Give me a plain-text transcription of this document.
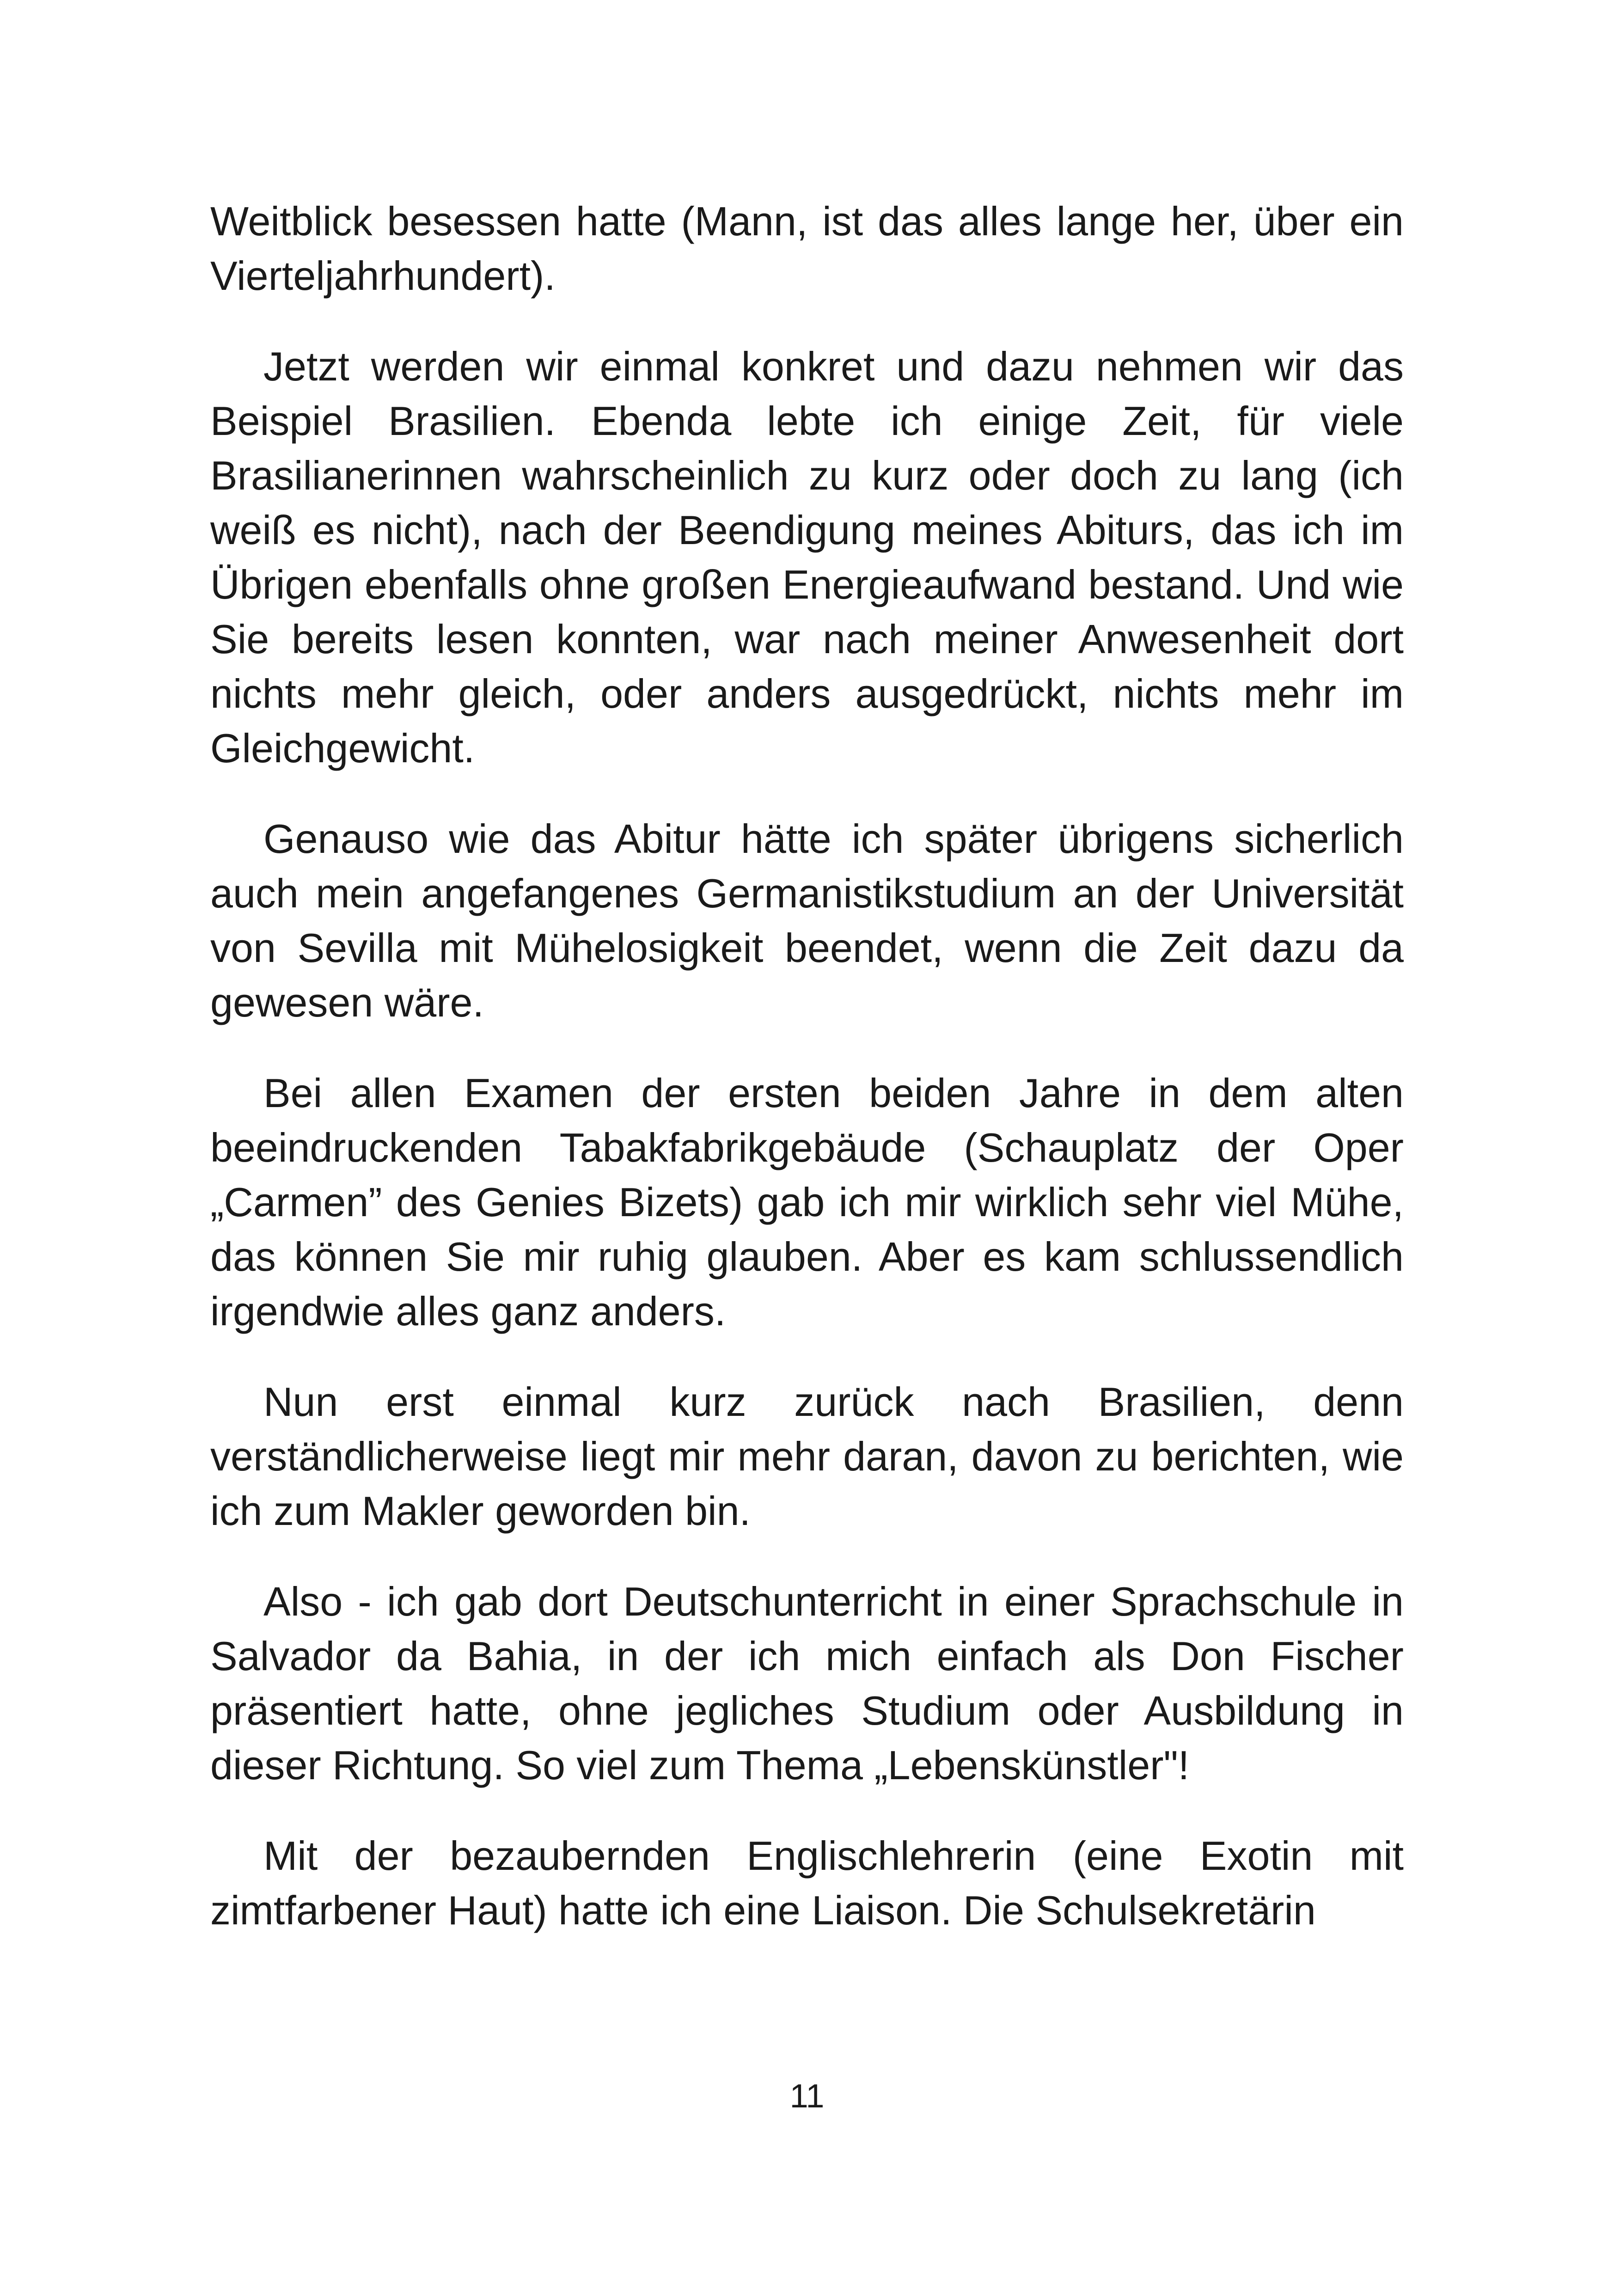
Weitblick besessen hatte (Mann, ist das alles lange her, über ein Vierteljahrhundert).

Jetzt werden wir einmal konkret und dazu nehmen wir das Beispiel Brasilien. Ebenda lebte ich einige Zeit, für viele Brasilianerinnen wahrscheinlich zu kurz oder doch zu lang (ich weiß es nicht), nach der Beendigung meines Abiturs, das ich im Übrigen ebenfalls ohne großen Energieaufwand bestand. Und wie Sie bereits lesen konnten, war nach meiner Anwesenheit dort nichts mehr gleich, oder anders ausgedrückt, nichts mehr im Gleichgewicht.

Genauso wie das Abitur hätte ich später übrigens sicherlich auch mein angefangenes Germanistikstudium an der Universität von Sevilla mit Mühelosigkeit beendet, wenn die Zeit dazu da gewesen wäre.

Bei allen Examen der ersten beiden Jahre in dem alten beeindruckenden Tabakfabrikgebäude (Schauplatz der Oper „Carmen” des Genies Bizets) gab ich mir wirklich sehr viel Mühe, das können Sie mir ruhig glauben. Aber es kam schlussendlich irgendwie alles ganz anders.

Nun erst einmal kurz zurück nach Brasilien, denn verständlicherweise liegt mir mehr daran, davon zu berichten, wie ich zum Makler geworden bin.

Also - ich gab dort Deutschunterricht in einer Sprachschule in Salvador da Bahia, in der ich mich einfach als Don Fischer präsentiert hatte, ohne jegliches Studium oder Ausbildung in dieser Richtung. So viel zum Thema „Lebenskünstler"!

Mit der bezaubernden Englischlehrerin (eine Exotin mit zimtfarbener Haut) hatte ich eine Liaison. Die Schulsekretärin

11
